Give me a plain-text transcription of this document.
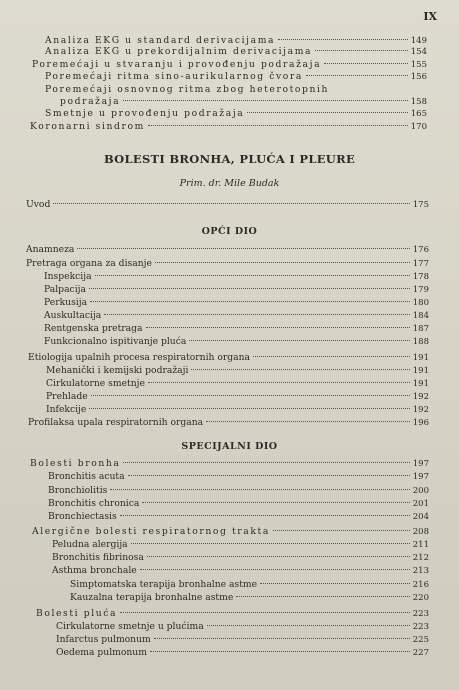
IX
Analiza EKG u standard derivacijama	149
Analiza EKG u prekordijalnim derivacijama	154
Poremećaji u stvaranju i provođenju podražaja	155
Poremećaji ritma sino-aurikularnog čvora	156
Poremećaji osnovnog ritma zbog heterotopnih
podražaja	158
Smetnje u provođenju podražaja	165
Koronarni sindrom	170
BOLESTI BRONHA, PLUĆA I PLEURE
Prim. dr. Mile Budak
Uvod	175
OPĆI DIO
Anamneza	176
Pretraga organa za disanje	177
Inspekcija	178
Palpacija	179
Perkusija	180
Auskultacija	184
Rentgenska pretraga	187
Funkcionalno ispitivanje pluća	188
Etiologija upalnih procesa respiratornih organa	191
Mehanički i kemijski podražaji	191
Cirkulatorne smetnje	191
Prehlade	192
Infekcije	192
Profilaksa upala respiratornih organa	196
SPECIJALNI DIO
Bolesti bronha	197
Bronchitis acuta	197
Bronchiolitis	200
Bronchitis chronica	201
Bronchiectasis	204
Alergične bolesti respiratornog trakta	208
Peludna alergija	211
Bronchitis fibrinosa	212
Asthma bronchale	213
Simptomatska terapija bronhalne astme	216
Kauzalna terapija bronhalne astme	220
Bolesti pluća	223
Cirkulatorne smetnje u plućima	223
Infarctus pulmonum	225
Oedema pulmonum	227
